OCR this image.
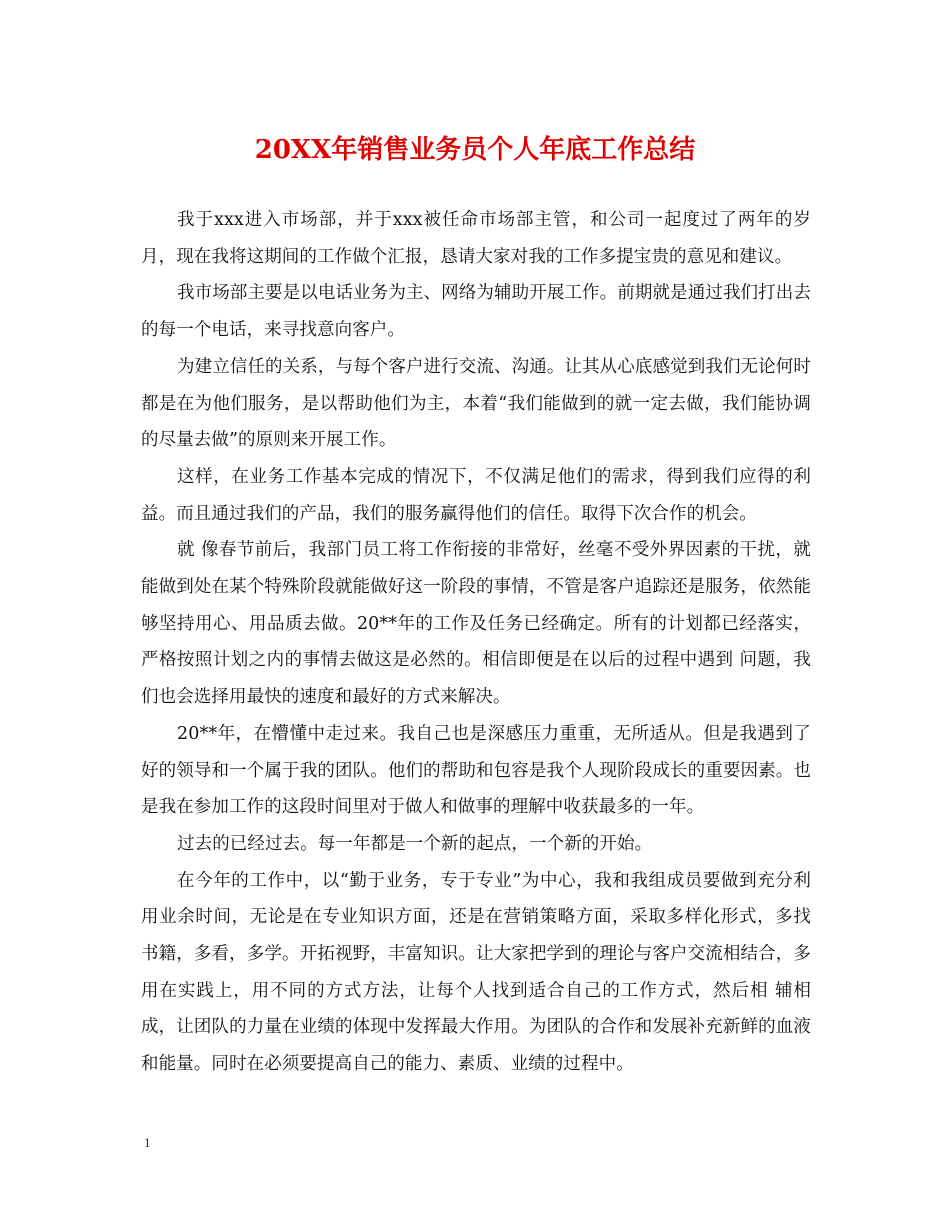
20XX年销售业务员个人年底工作总结

我于xxx进入市场部，并于xxx被任命市场部主管，和公司一起度过了两年的岁月，现在我将这期间的工作做个汇报，恳请大家对我的工作多提宝贵的意见和建议。

我市场部主要是以电话业务为主、网络为辅助开展工作。前期就是通过我们打出去的每一个电话，来寻找意向客户。

为建立信任的关系，与每个客户进行交流、沟通。让其从心底感觉到我们无论何时都是在为他们服务，是以帮助他们为主，本着“我们能做到的就一定去做，我们能协调的尽量去做”的原则来开展工作。

这样，在业务工作基本完成的情况下，不仅满足他们的需求，得到我们应得的利益。而且通过我们的产品，我们的服务赢得他们的信任。取得下次合作的机会。

就 像春节前后，我部门员工将工作衔接的非常好，丝毫不受外界因素的干扰，就能做到处在某个特殊阶段就能做好这一阶段的事情，不管是客户追踪还是服务，依然能 够坚持用心、用品质去做。20**年的工作及任务已经确定。所有的计划都已经落实，严格按照计划之内的事情去做这是必然的。相信即便是在以后的过程中遇到 问题，我们也会选择用最快的速度和最好的方式来解决。

20**年，在懵懂中走过来。我自己也是深感压力重重，无所适从。但是我遇到了好的领导和一个属于我的团队。他们的帮助和包容是我个人现阶段成长的重要因素。也是我在参加工作的这段时间里对于做人和做事的理解中收获最多的一年。

过去的已经过去。每一年都是一个新的起点，一个新的开始。

在今年的工作中，以“勤于业务，专于专业”为中心，我和我组成员要做到充分利用业余时间，无论是在专业知识方面，还是在营销策略方面，采取多样化形式，多找 书籍，多看，多学。开拓视野，丰富知识。让大家把学到的理论与客户交流相结合，多用在实践上，用不同的方式方法，让每个人找到适合自己的工作方式，然后相 辅相成，让团队的力量在业绩的体现中发挥最大作用。为团队的合作和发展补充新鲜的血液和能量。同时在必须要提高自己的能力、素质、业绩的过程中。

1
